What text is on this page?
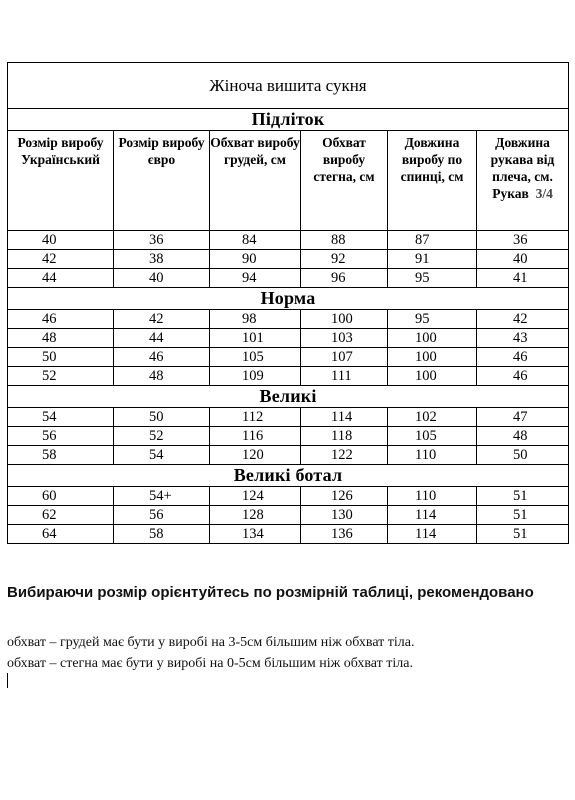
Жіноча вишита сукня					
Підліток					
Розмір виробу Український	Розмір виробу євро	Обхват виробу грудей, см	Обхват виробу стегна, см	Довжина виробу по спинці, см	Довжина рукава від плеча, см. Рукав 3/4
40	36	84	88	87	36
42	38	90	92	91	40
44	40	94	96	95	41
Норма					
46	42	98	100	95	42
48	44	101	103	100	43
50	46	105	107	100	46
52	48	109	111	100	46
Великі					
54	50	112	114	102	47
56	52	116	118	105	48
58	54	120	122	110	50
Великі ботал					
60	54+	124	126	110	51
62	56	128	130	114	51
64	58	134	136	114	51
Вибираючи розмір орієнтуйтесь по розмірній таблиці, рекомендовано
обхват – грудей має бути у виробі на 3-5см більшим ніж обхват тіла.
обхват – стегна має бути у виробі на 0-5см більшим ніж обхват тіла.
